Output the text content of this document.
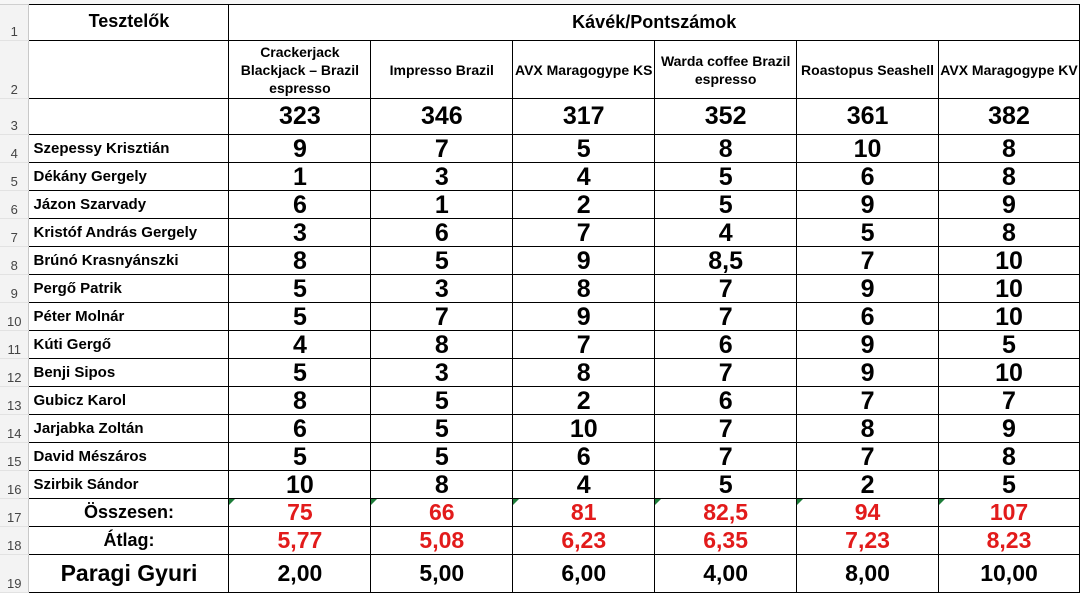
1	Tesztelők	Kávék/Pontszámok					
2		Crackerjack Blackjack – Brazil espresso	Impresso Brazil	AVX Maragogype KS	Warda coffee Brazil espresso	Roastopus Seashell	AVX Maragogype KV
3		323	346	317	352	361	382
4	Szepessy Krisztián	9	7	5	8	10	8
5	Dékány Gergely	1	3	4	5	6	8
6	Jázon Szarvady	6	1	2	5	9	9
7	Kristóf András Gergely	3	6	7	4	5	8
8	Brúnó Krasnyánszki	8	5	9	8,5	7	10
9	Pergő Patrik	5	3	8	7	9	10
10	Péter Molnár	5	7	9	7	6	10
11	Kúti Gergő	4	8	7	6	9	5
12	Benji Sipos	5	3	8	7	9	10
13	Gubicz Karol	8	5	2	6	7	7
14	Jarjabka Zoltán	6	5	10	7	8	9
15	David Mészáros	5	5	6	7	7	8
16	Szirbik Sándor	10	8	4	5	2	5
17	Összesen:	75	66	81	82,5	94	107
18	Átlag:	5,77	5,08	6,23	6,35	7,23	8,23
19	Paragi Gyuri	2,00	5,00	6,00	4,00	8,00	10,00
